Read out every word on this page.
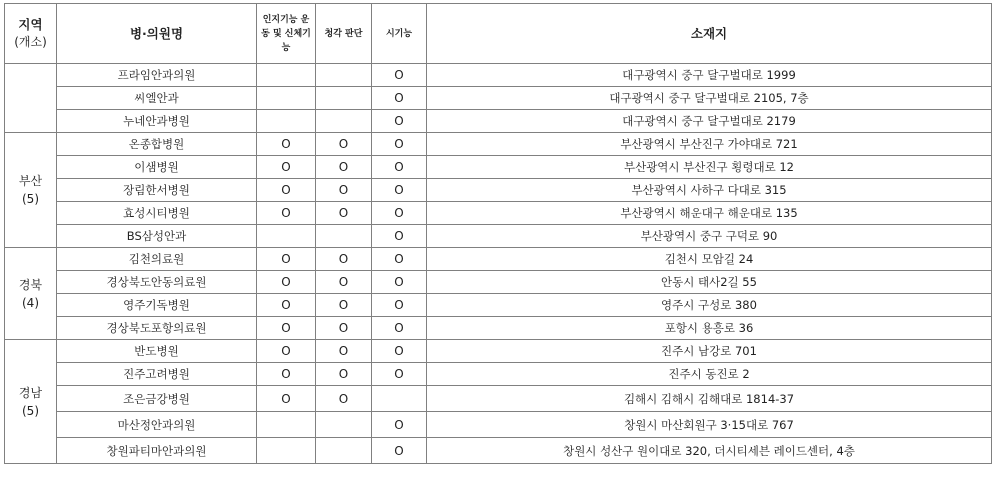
지역
(개소)	병·의원명	인지기능 운동 및 신체기능	청각 판단	시기능	소재지

	프라임안과의원			O	대구광역시 중구 달구벌대로 1999
	씨엘안과			O	대구광역시 중구 달구벌대로 2105, 7층
	누네안과병원			O	대구광역시 중구 달구벌대로 2179

부산
(5)	온종합병원	O	O	O	부산광역시 부산진구 가야대로 721
	이샘병원	O	O	O	부산광역시 부산진구 횡령대로 12
	장림한서병원	O	O	O	부산광역시 사하구 다대로 315
	효성시티병원	O	O	O	부산광역시 해운대구 해운대로 135
	BS삼성안과			O	부산광역시 중구 구덕로 90

경북
(4)	김천의료원	O	O	O	김천시 모암길 24
	경상북도안동의료원	O	O	O	안동시 태사2길 55
	영주기독병원	O	O	O	영주시 구성로 380
	경상북도포항의료원	O	O	O	포항시 용흥로 36

경남
(5)	반도병원	O	O	O	진주시 남강로 701
	진주고려병원	O	O	O	진주시 동진로 2
	조은금강병원	O	O		김해시 김해시 김해대로 1814-37
	마산정안과의원			O	창원시 마산회원구 3·15대로 767
	창원파티마안과의원			O	창원시 성산구 원이대로 320, 더시티세븐 레이드센터, 4층
